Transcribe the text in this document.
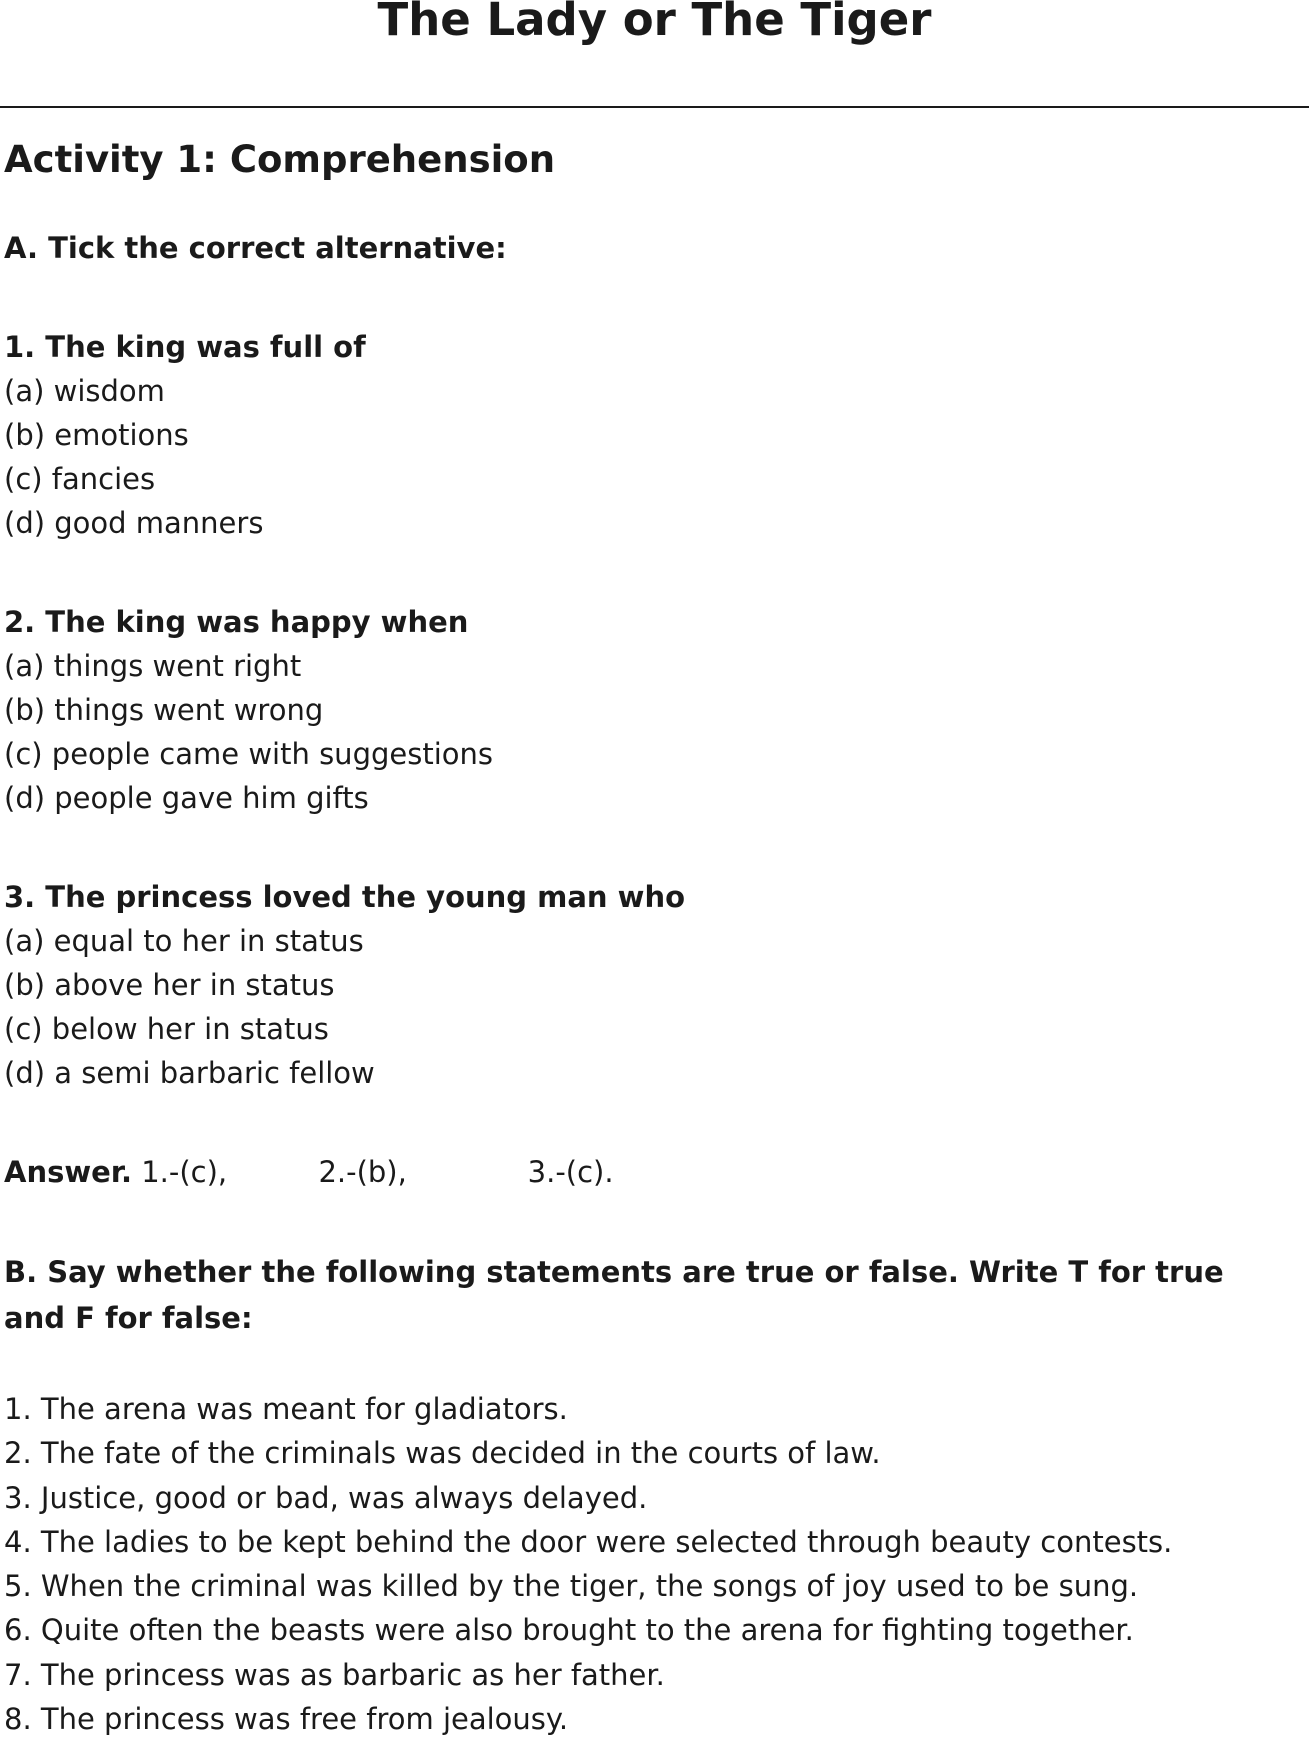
The Lady or The Tiger
Activity 1: Comprehension
A. Tick the correct alternative:
1. The king was full of
(a) wisdom
(b) emotions
(c) fancies
(d) good manners
2. The king was happy when
(a) things went right
(b) things went wrong
(c) people came with suggestions
(d) people gave him gifts
3. The princess loved the young man who
(a) equal to her in status
(b) above her in status
(c) below her in status
(d) a semi barbaric fellow
Answer. 1.-(c),	2.-(b),	3.-(c).
B. Say whether the following statements are true or false. Write T for true and F for false:
1. The arena was meant for gladiators.
2. The fate of the criminals was decided in the courts of law.
3. Justice, good or bad, was always delayed.
4. The ladies to be kept behind the door were selected through beauty contests.
5. When the criminal was killed by the tiger, the songs of joy used to be sung.
6. Quite often the beasts were also brought to the arena for fighting together.
7. The princess was as barbaric as her father.
8. The princess was free from jealousy.
